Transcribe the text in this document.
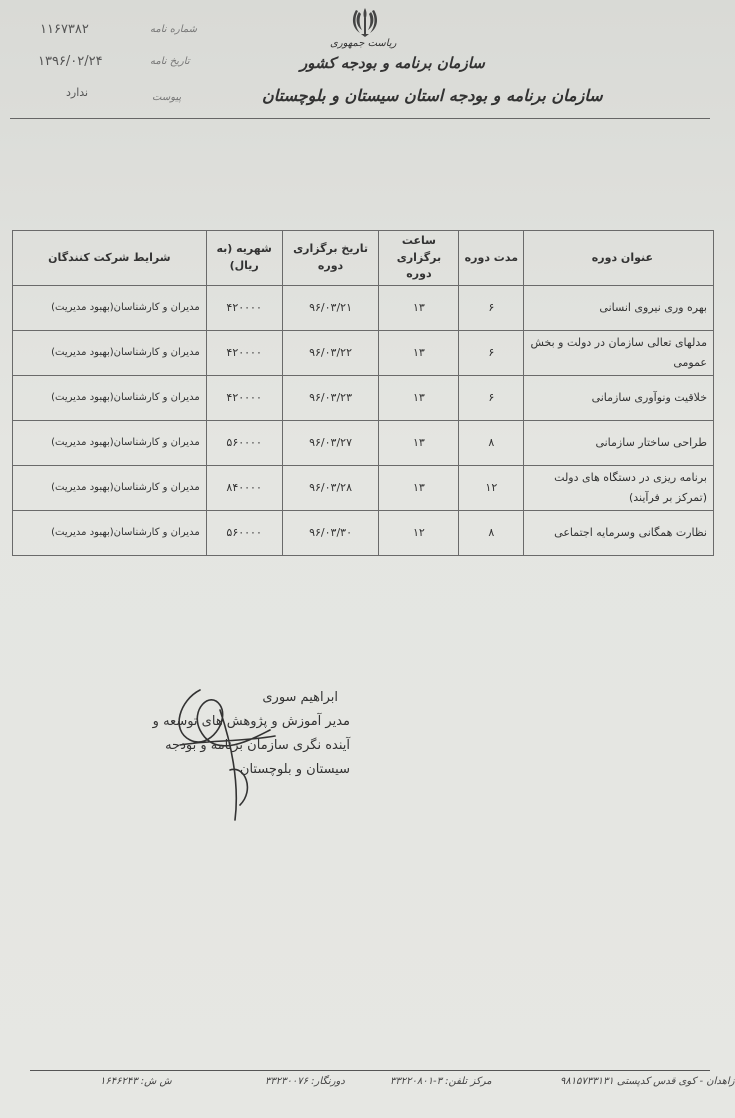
ریاست جمهوری
سازمان برنامه و بودجه کشور
سازمان برنامه و بودجه استان سیستان و بلوچستان
شماره نامه
۱۱۶۷۳۸۲
تاریخ نامه
۱۳۹۶/۰۲/۲۴
پیوست
ندارد
عنوان دوره	مدت دوره	ساعت برگزاری دوره	تاریخ برگزاری دوره	شهریه (به ریال)	شرایط شرکت کنندگان
بهره وری نیروی انسانی	۶	۱۳	۹۶/۰۳/۲۱	۴۲۰۰۰۰	مدیران و کارشناسان(بهبود مدیریت)
مدلهای تعالی سازمان در دولت و بخش عمومی	۶	۱۳	۹۶/۰۳/۲۲	۴۲۰۰۰۰	مدیران و کارشناسان(بهبود مدیریت)
خلاقیت ونوآوری سازمانی	۶	۱۳	۹۶/۰۳/۲۳	۴۲۰۰۰۰	مدیران و کارشناسان(بهبود مدیریت)
طراحی ساختار سازمانی	۸	۱۳	۹۶/۰۳/۲۷	۵۶۰۰۰۰	مدیران و کارشناسان(بهبود مدیریت)
برنامه ریزی در دستگاه های دولت (تمرکز بر فرآیند)	۱۲	۱۳	۹۶/۰۳/۲۸	۸۴۰۰۰۰	مدیران و کارشناسان(بهبود مدیریت)
نظارت همگانی وسرمایه اجتماعی	۸	۱۲	۹۶/۰۳/۳۰	۵۶۰۰۰۰	مدیران و کارشناسان(بهبود مدیریت)
ابراهیم سوری
مدیر آموزش و پژوهش های توسعه و
آینده نگری سازمان برنامه و بودجه
سیستان و بلوچستان
زاهدان - کوی قدس کدپستی ۹۸۱۵۷۳۳۱۳۱
مرکز تلفن: ۳-۳۳۲۲۰۸۰۱
دورنگار: ۳۳۲۳۰۰۷۶
ش ش: ۱۶۴۶۲۴۳
